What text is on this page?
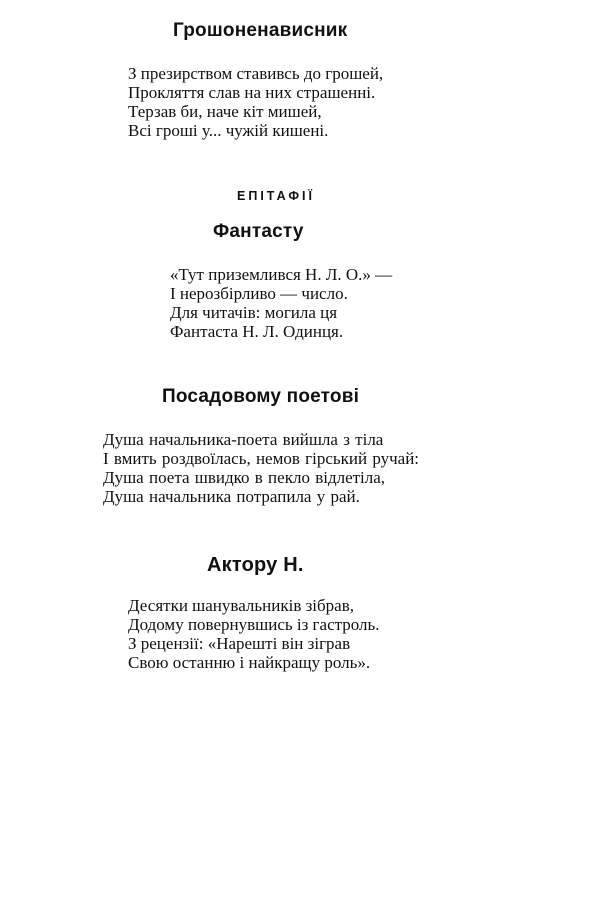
Грошоненависник
З презирством ставивсь до грошей,
Прокляття слав на них страшенні.
Терзав би, наче кіт мишей,
Всі гроші у... чужій кишені.
ЕПІТАФІЇ
Фантасту
«Тут приземлився Н. Л. О.» —
І нерозбірливо — число.
Для читачів: могила ця
Фантаста Н. Л. Одинця.
Посадовому поетові
Душа начальника-поета вийшла з тіла
І вмить роздвоїлась, немов гірський ручай:
Душа поета швидко в пекло відлетіла,
Душа начальника потрапила у рай.
Актору Н.
Десятки шанувальників зібрав,
Додому повернувшись із гастроль.
З рецензії: «Нарешті він зіграв
Свою останню і найкращу роль».
